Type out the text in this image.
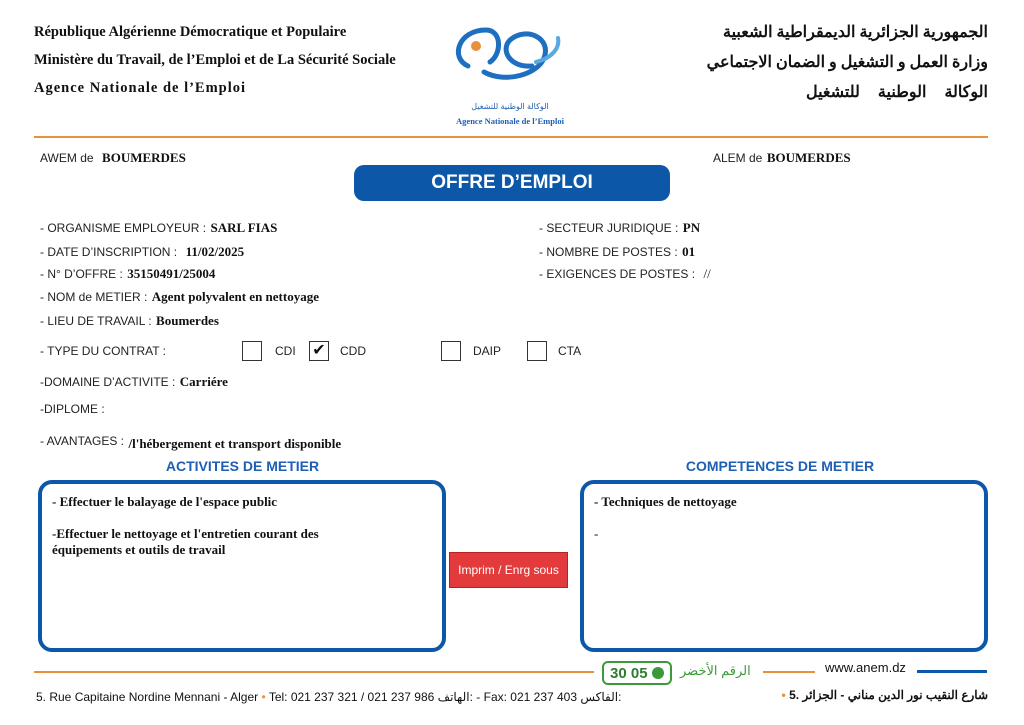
République Algérienne Démocratique et Populaire
Ministère du Travail, de l’Emploi et de La Sécurité Sociale
Agence Nationale de l’Emploi
الجمهورية الجزائرية الديمقراطية الشعبية
وزارة العمل و التشغيل و الضمان الاجتماعي
الوكالة الوطنية للتشغيل
الوكالة الوطنية للتشغيل
Agence Nationale de l’Emploi
AWEM de BOUMERDES	ALEM de BOUMERDES
OFFRE D’EMPLOI
- ORGANISME EMPLOYEUR : SARL FIAS
- DATE D’INSCRIPTION : 11/02/2025
- N° D’OFFRE : 35150491/25004
- NOM de METIER : Agent polyvalent en nettoyage
- LIEU DE TRAVAIL : Boumerdes
- SECTEUR JURIDIQUE : PN
- NOMBRE DE POSTES : 01
- EXIGENCES DE POSTES : //
- TYPE DU CONTRAT :	CDI ✔ CDD	DAIP	CTA
-DOMAINE D’ACTIVITE : Carriére
-DIPLOME :
- AVANTAGES : /l'hébergement et transport disponible
ACTIVITES DE METIER	COMPETENCES DE METIER
- Effectuer le balayage de l'espace public
-Effectuer le nettoyage et l'entretien courant des
équipements et outils de travail
Imprim / Enrg sous
- Techniques de nettoyage
-
30 05 الرقم الأخضر	www.anem.dz
5. Rue Capitaine Nordine Mennani - Alger • Tel: 021 237 321 / 021 237 986 الهاتف: - Fax: 021 237 403 الفاكس:	شارع النقيب نور الدين مناني - الجزائر .5 •
